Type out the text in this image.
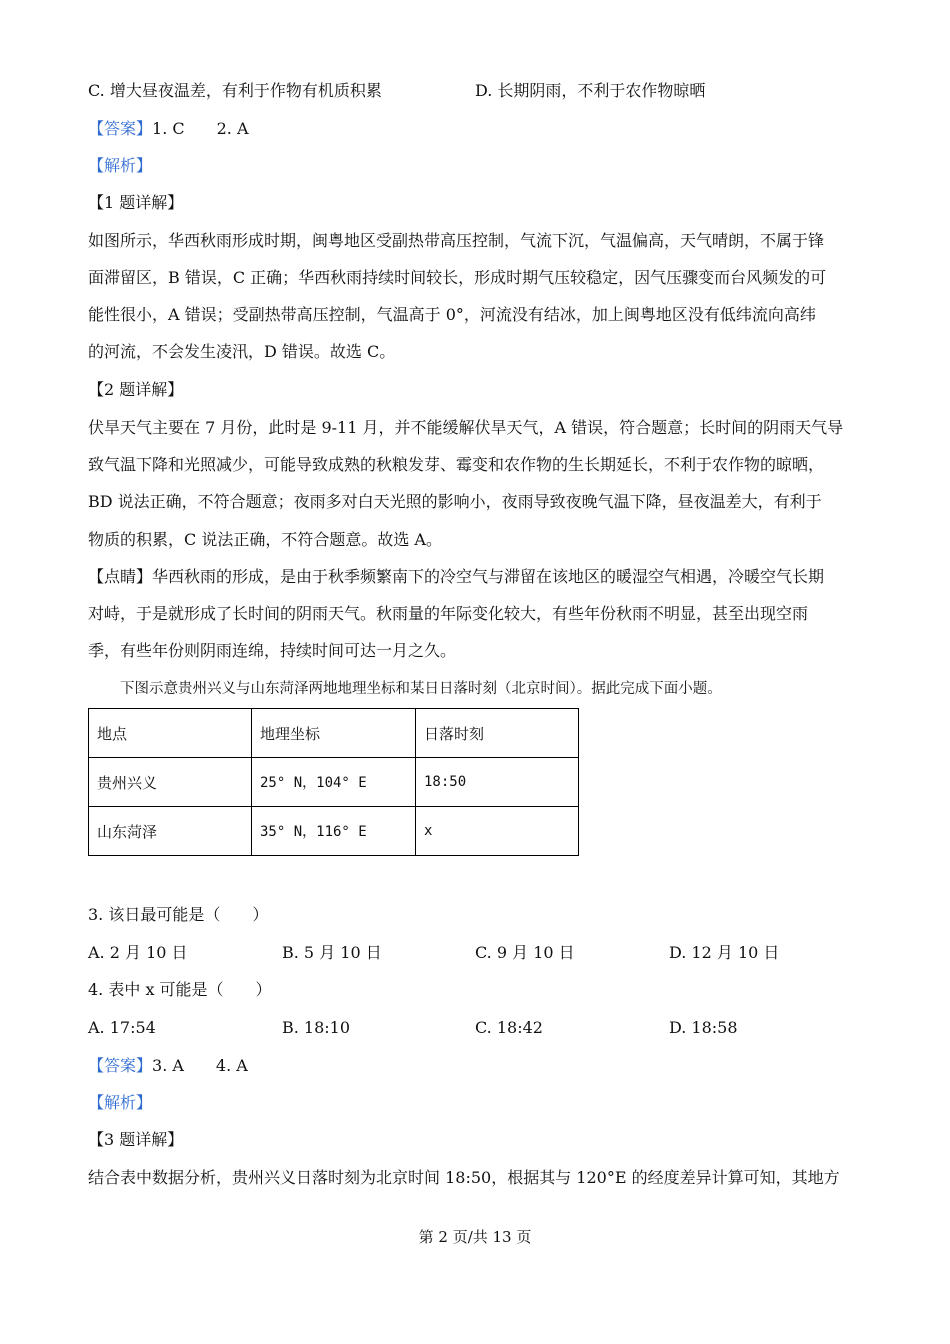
C. 增大昼夜温差，有利于作物有机质积累	D. 长期阴雨，不利于农作物晾晒
【答案】1. C　　2. A
【解析】
【1 题详解】
如图所示，华西秋雨形成时期，闽粤地区受副热带高压控制，气流下沉，气温偏高，天气晴朗，不属于锋
面滞留区，B 错误，C 正确；华西秋雨持续时间较长，形成时期气压较稳定，因气压骤变而台风频发的可
能性很小，A 错误；受副热带高压控制，气温高于 0°，河流没有结冰，加上闽粤地区没有低纬流向高纬
的河流，不会发生凌汛，D 错误。故选 C。
【2 题详解】
伏旱天气主要在 7 月份，此时是 9-11 月，并不能缓解伏旱天气，A 错误，符合题意；长时间的阴雨天气导
致气温下降和光照减少，可能导致成熟的秋粮发芽、霉变和农作物的生长期延长，不利于农作物的晾晒，
BD 说法正确，不符合题意；夜雨多对白天光照的影响小，夜雨导致夜晚气温下降，昼夜温差大，有利于
物质的积累，C 说法正确，不符合题意。故选 A。
【点睛】华西秋雨的形成，是由于秋季频繁南下的冷空气与滞留在该地区的暖湿空气相遇，冷暖空气长期
对峙，于是就形成了长时间的阴雨天气。秋雨量的年际变化较大，有些年份秋雨不明显，甚至出现空雨
季，有些年份则阴雨连绵，持续时间可达一月之久。
下图示意贵州兴义与山东菏泽两地地理坐标和某日日落时刻（北京时间）。据此完成下面小题。
地点	地理坐标	日落时刻
贵州兴义	25° N，104° E	18:50
山东菏泽	35° N，116° E	x
3. 该日最可能是（　　）
A. 2 月 10 日	B. 5 月 10 日	C. 9 月 10 日	D. 12 月 10 日
4. 表中 x 可能是（　　）
A. 17:54	B. 18:10	C. 18:42	D. 18:58
【答案】3. A　　4. A
【解析】
【3 题详解】
结合表中数据分析，贵州兴义日落时刻为北京时间 18:50，根据其与 120°E 的经度差异计算可知，其地方
第 2 页/共 13 页
